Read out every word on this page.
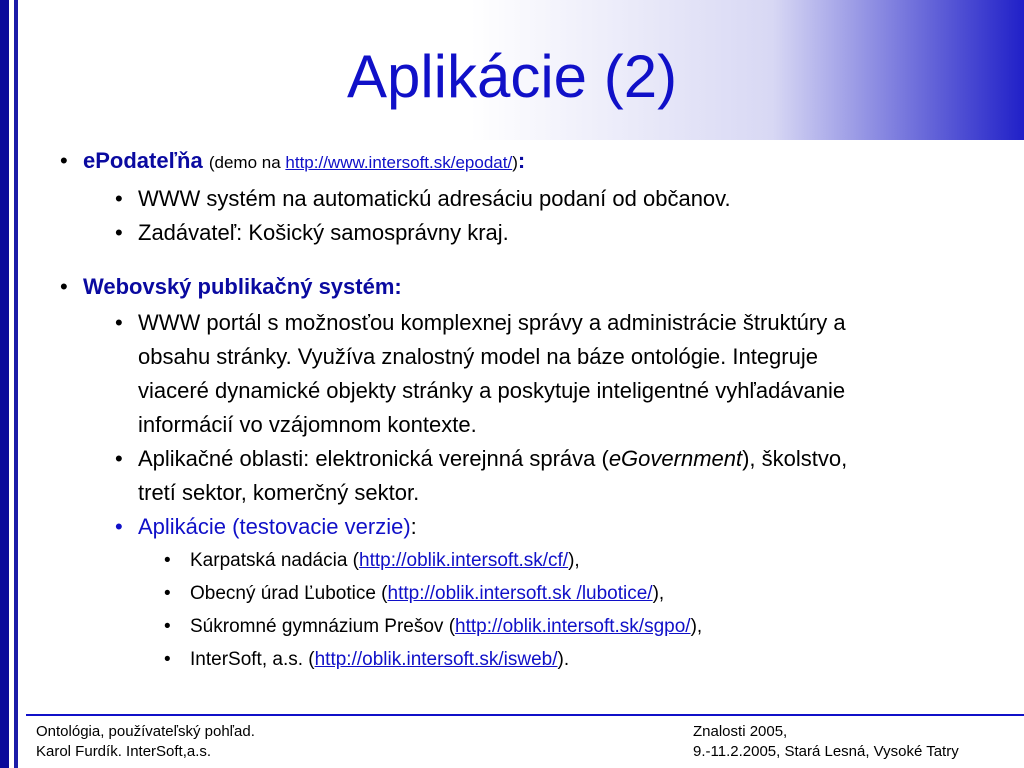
Aplikácie (2)
• ePodateľňa (demo na http://www.intersoft.sk/epodat/):
• WWW systém na automatickú adresáciu podaní od občanov.
• Zadávateľ: Košický samosprávny kraj.
• Webovský publikačný systém:
• WWW portál s možnosťou komplexnej správy a administrácie štruktúry a
obsahu stránky. Využíva znalostný model na báze ontológie. Integruje
viaceré dynamické objekty stránky a poskytuje inteligentné vyhľadávanie
informácií vo vzájomnom kontexte.
• Aplikačné oblasti: elektronická verejnná správa (eGovernment), školstvo,
tretí sektor, komerčný sektor.
• Aplikácie (testovacie verzie):
• Karpatská nadácia (http://oblik.intersoft.sk/cf/),
• Obecný úrad Ľubotice (http://oblik.intersoft.sk /lubotice/),
• Súkromné gymnázium Prešov (http://oblik.intersoft.sk/sgpo/),
• InterSoft, a.s. (http://oblik.intersoft.sk/isweb/).
Ontológia, používateľský pohľad.
Karol Furdík. InterSoft,a.s.
Znalosti 2005,
9.-11.2.2005, Stará Lesná, Vysoké Tatry
